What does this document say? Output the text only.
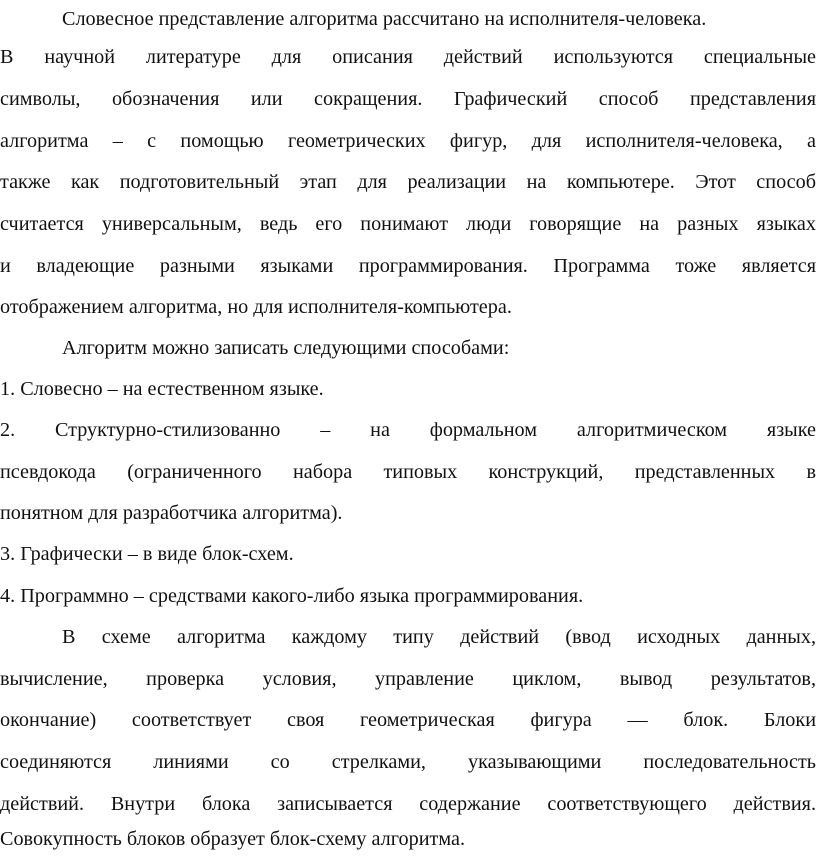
Словесное представление алгоритма рассчитано на исполнителя-человека.
В научной литературе для описания действий используются специальные
символы, обозначения или сокращения. Графический способ представления
алгоритма – с помощью геометрических фигур, для исполнителя-человека, а
также как подготовительный этап для реализации на компьютере. Этот способ
считается универсальным, ведь его понимают люди говорящие на разных языках
и владеющие разными языками программирования. Программа тоже является
отображением алгоритма, но для исполнителя-компьютера.
Алгоритм можно записать следующими способами:
1. Словесно – на естественном языке.
2. Структурно-стилизованно – на формальном алгоритмическом языке
псевдокода (ограниченного набора типовых конструкций, представленных в
понятном для разработчика алгоритма).
3. Графически – в виде блок-схем.
4. Программно – средствами какого-либо языка программирования.
В схеме алгоритма каждому типу действий (ввод исходных данных,
вычисление, проверка условия, управление циклом, вывод результатов,
окончание) соответствует своя геометрическая фигура — блок. Блоки
соединяются линиями со стрелками, указывающими последовательность
действий. Внутри блока записывается содержание соответствующего действия.
Совокупность блоков образует блок-схему алгоритма.
